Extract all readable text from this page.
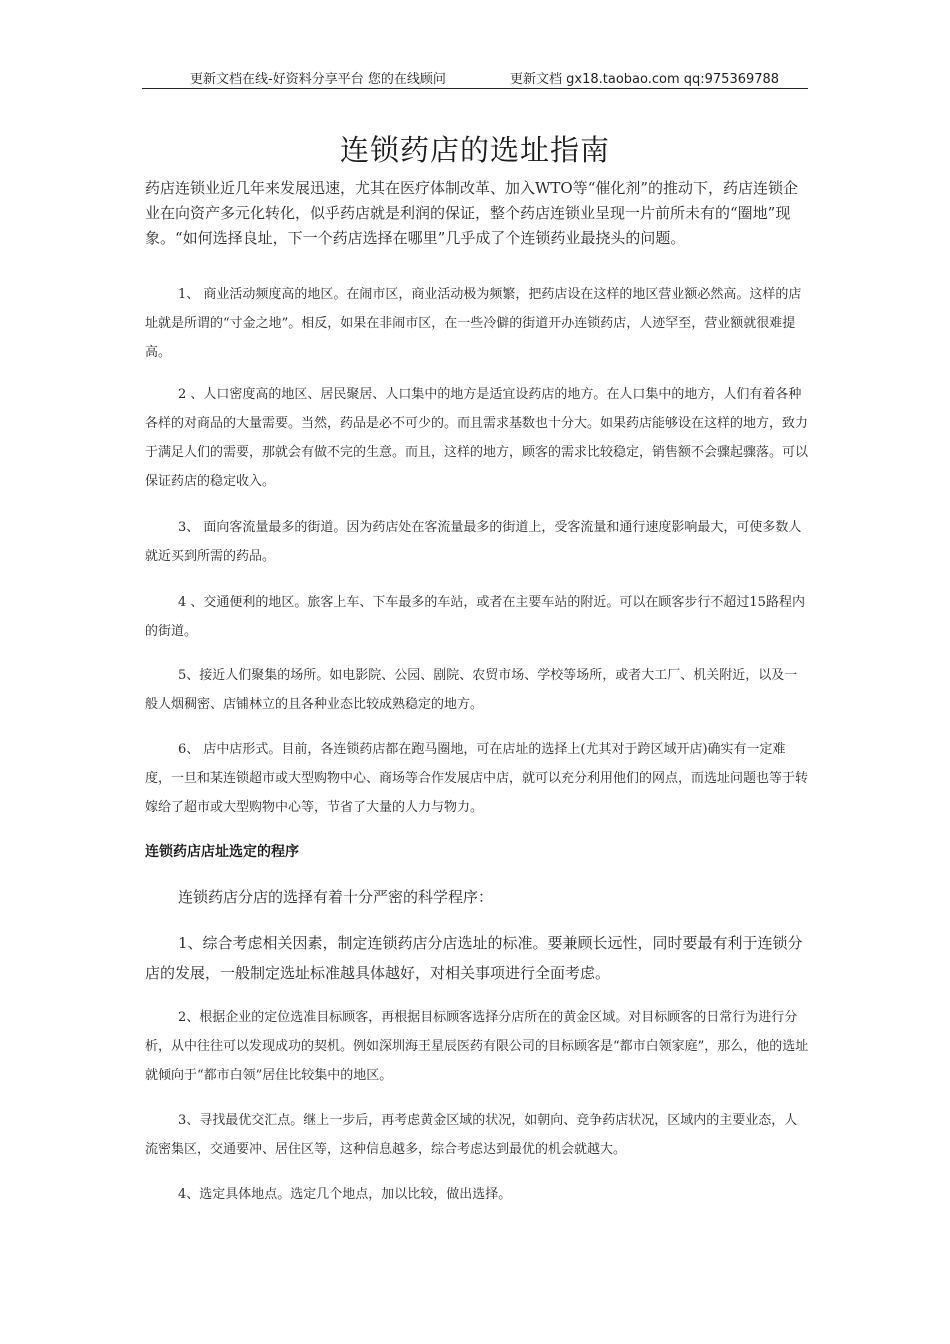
更新文档在线-好资料分享平台 您的在线顾问	更新文档 gx18.taobao.com qq:975369788
连锁药店的选址指南

药店连锁业近几年来发展迅速，尤其在医疗体制改革、加入WTO等“催化剂”的推动下，药店连锁企业在向资产多元化转化，似乎药店就是利润的保证，整个药店连锁业呈现一片前所未有的“圈地”现象。“如何选择良址，下一个药店选择在哪里”几乎成了个连锁药业最挠头的问题。

1、 商业活动频度高的地区。在闹市区，商业活动极为频繁，把药店设在这样的地区营业额必然高。这样的店址就是所谓的“寸金之地”。相反，如果在非闹市区，在一些冷僻的街道开办连锁药店，人迹罕至，营业额就很难提高。

2 、人口密度高的地区、居民聚居、人口集中的地方是适宜设药店的地方。在人口集中的地方，人们有着各种各样的对商品的大量需要。当然，药品是必不可少的。而且需求基数也十分大。如果药店能够设在这样的地方，致力于满足人们的需要，那就会有做不完的生意。而且，这样的地方，顾客的需求比较稳定，销售额不会骤起骤落。可以保证药店的稳定收入。

3、 面向客流量最多的街道。因为药店处在客流量最多的街道上，受客流量和通行速度影响最大，可使多数人就近买到所需的药品。

4 、交通便利的地区。旅客上车、下车最多的车站，或者在主要车站的附近。可以在顾客步行不超过15路程内的街道。

5、接近人们聚集的场所。如电影院、公园、剧院、农贸市场、学校等场所，或者大工厂、机关附近，以及一般人烟稠密、店铺林立的且各种业态比较成熟稳定的地方。

6、 店中店形式。目前，各连锁药店都在跑马圈地，可在店址的选择上(尤其对于跨区域开店)确实有一定难度，一旦和某连锁超市或大型购物中心、商场等合作发展店中店，就可以充分利用他们的网点，而选址问题也等于转嫁给了超市或大型购物中心等，节省了大量的人力与物力。

连锁药店店址选定的程序

连锁药店分店的选择有着十分严密的科学程序：

1、综合考虑相关因素，制定连锁药店分店选址的标准。要兼顾长远性，同时要最有利于连锁分店的发展，一般制定选址标准越具体越好，对相关事项进行全面考虑。

2、根据企业的定位选准目标顾客，再根据目标顾客选择分店所在的黄金区域。对目标顾客的日常行为进行分析，从中往往可以发现成功的契机。例如深圳海王星辰医药有限公司的目标顾客是“都市白领家庭”，那么，他的选址就倾向于“都市白领”居住比较集中的地区。

3、寻找最优交汇点。继上一步后，再考虑黄金区域的状况，如朝向、竞争药店状况，区域内的主要业态，人流密集区，交通要冲、居住区等，这种信息越多，综合考虑达到最优的机会就越大。

4、选定具体地点。选定几个地点，加以比较，做出选择。
